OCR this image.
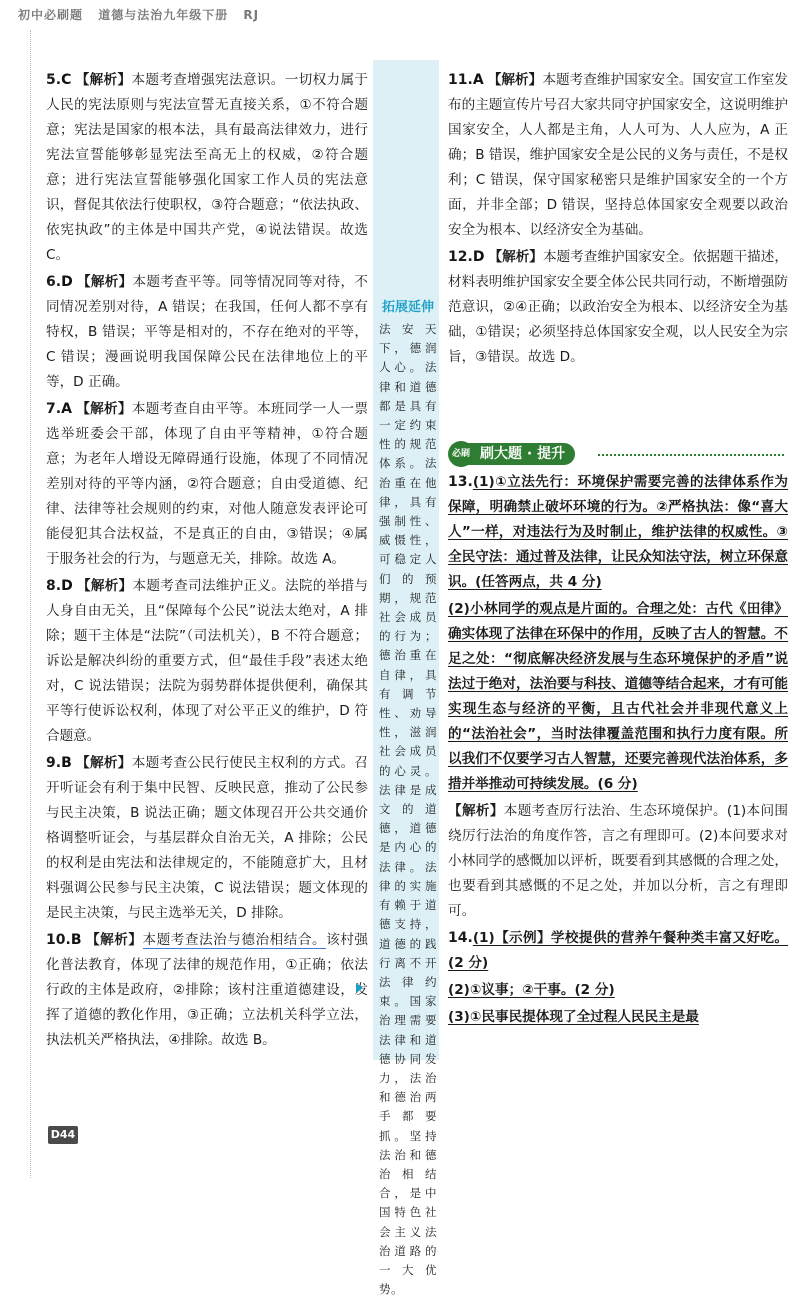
初中必刷题 道德与法治九年级下册 RJ

5.C 【解析】本题考查增强宪法意识。一切权力属于人民的宪法原则与宪法宣誓无直接关系，①不符合题意；宪法是国家的根本法，具有最高法律效力，进行宪法宣誓能够彰显宪法至高无上的权威，②符合题意；进行宪法宣誓能够强化国家工作人员的宪法意识，督促其依法行使职权，③符合题意；“依法执政、依宪执政”的主体是中国共产党，④说法错误。故选 C。

6.D 【解析】本题考查平等。同等情况同等对待，不同情况差别对待，A 错误；在我国，任何人都不享有特权，B 错误；平等是相对的，不存在绝对的平等，C 错误；漫画说明我国保障公民在法律地位上的平等，D 正确。

7.A 【解析】本题考查自由平等。本班同学一人一票选举班委会干部，体现了自由平等精神，①符合题意；为老年人增设无障碍通行设施，体现了不同情况差别对待的平等内涵，②符合题意；自由受道德、纪律、法律等社会规则的约束，对他人随意发表评论可能侵犯其合法权益，不是真正的自由，③错误；④属于服务社会的行为，与题意无关，排除。故选 A。

8.D 【解析】本题考查司法维护正义。法院的举措与人身自由无关，且“保障每个公民”说法太绝对，A 排除；题干主体是“法院”（司法机关），B 不符合题意；诉讼是解决纠纷的重要方式，但“最佳手段”表述太绝对，C 说法错误；法院为弱势群体提供便利，确保其平等行使诉讼权利，体现了对公平正义的维护，D 符合题意。

9.B 【解析】本题考查公民行使民主权利的方式。召开听证会有利于集中民智、反映民意，推动了公民参与民主决策，B 说法正确；题文体现召开公共交通价格调整听证会，与基层群众自治无关，A 排除；公民的权利是由宪法和法律规定的，不能随意扩大，且材料强调公民参与民主决策，C 说法错误；题文体现的是民主决策，与民主选举无关，D 排除。

10.B 【解析】本题考查法治与德治相结合。该村强化普法教育，体现了法律的规范作用，①正确；依法行政的主体是政府，②排除；该村注重道德建设，发挥了道德的教化作用，③正确；立法机关科学立法，执法机关严格执法，④排除。故选 B。

拓展延伸
法安天下，德润人心。法律和道德都是具有一定约束性的规范体系。法治重在他律，具有强制性、威慑性，可稳定人们的预期，规范社会成员的行为；德治重在自律，具有调节性、劝导性，滋润社会成员的心灵。法律是成文的道德，道德是内心的法律。法律的实施有赖于道德支持，道德的践行离不开法律约束。国家治理需要法律和道德协同发力，法治和德治两手都要抓。坚持法治和德治相结合，是中国特色社会主义法治道路的一大优势。

11.A 【解析】本题考查维护国家安全。国安宣工作室发布的主题宣传片号召大家共同守护国家安全，这说明维护国家安全，人人都是主角，人人可为、人人应为，A 正确；B 错误，维护国家安全是公民的义务与责任，不是权利；C 错误，保守国家秘密只是维护国家安全的一个方面，并非全部；D 错误，坚持总体国家安全观要以政治安全为根本、以经济安全为基础。

12.D 【解析】本题考查维护国家安全。依据题干描述，材料表明维护国家安全要全体公民共同行动，不断增强防范意识，②④正确；以政治安全为根本、以经济安全为基础，①错误；必须坚持总体国家安全观，以人民安全为宗旨，③错误。故选 D。

刷大题 · 提升
必刷

13.(1)①立法先行：环境保护需要完善的法律体系作为保障，明确禁止破坏环境的行为。②严格执法：像“喜大人”一样，对违法行为及时制止，维护法律的权威性。③全民守法：通过普及法律，让民众知法守法，树立环保意识。(任答两点，共 4 分)

(2)小林同学的观点是片面的。合理之处：古代《田律》确实体现了法律在环保中的作用，反映了古人的智慧。不足之处：“彻底解决经济发展与生态环境保护的矛盾”说法过于绝对，法治要与科技、道德等结合起来，才有可能实现生态与经济的平衡，且古代社会并非现代意义上的“法治社会”，当时法律覆盖范围和执行力度有限。所以我们不仅要学习古人智慧，还要完善现代法治体系，多措并举推动可持续发展。(6 分)

【解析】本题考查厉行法治、生态环境保护。(1)本问围绕厉行法治的角度作答，言之有理即可。(2)本问要求对小林同学的感慨加以评析，既要看到其感慨的合理之处，也要看到其感慨的不足之处，并加以分析，言之有理即可。

14.(1)【示例】学校提供的营养午餐种类丰富又好吃。(2 分)

(2)①议事；②干事。(2 分)

(3)①民事民提体现了全过程人民民主是最

D44
